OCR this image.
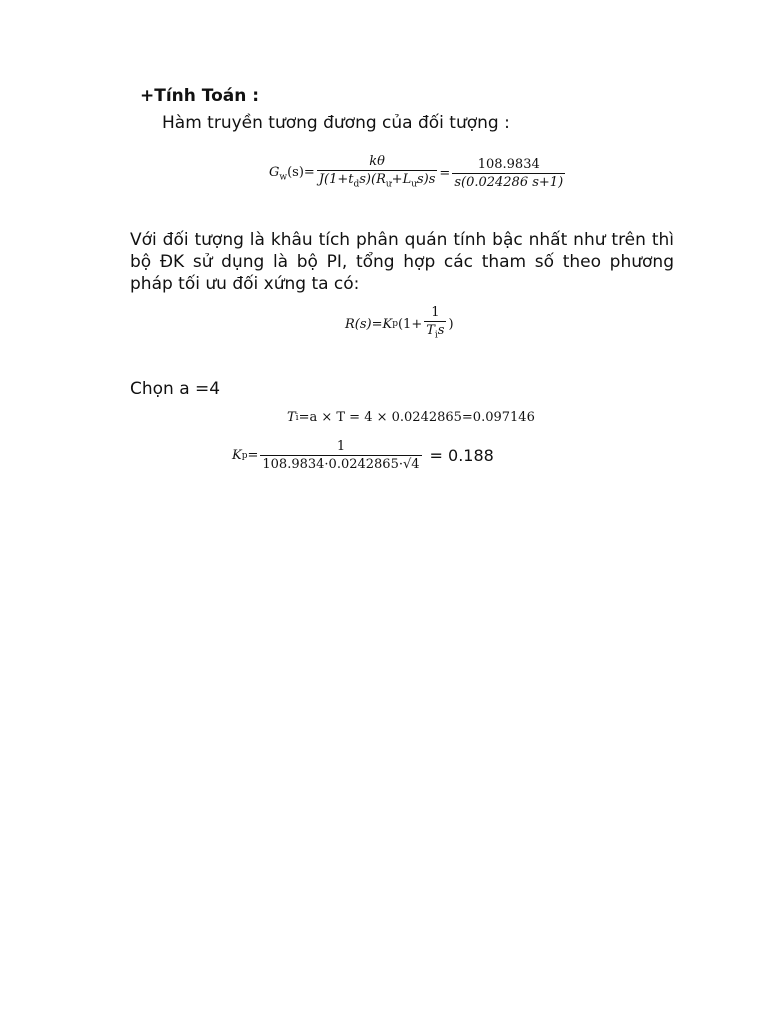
+Tính Toán :
Hàm truyền tương đương của đối tượng :
$G_w(s)= \frac{k\theta}{J(1+t_ds)(R_ư+L_ưs)s} = \frac{108.9834}{s(0.024286 s+1)}$
Với đối tượng là khâu tích phân quán tính bậc nhất như trên thì bộ ĐK sử dụng là bộ PI, tổng hợp các tham số theo phương pháp tối ưu đối xứng ta có:
R(s)=K p ($1+ \frac{1}{T_is}$ )
Chọn a =4
T i =a × T = 4 × 0.0242865=0.097146
K $p = \frac{1}{108.9834\cdot 0.0242865\cdot√4} = 0.188$
